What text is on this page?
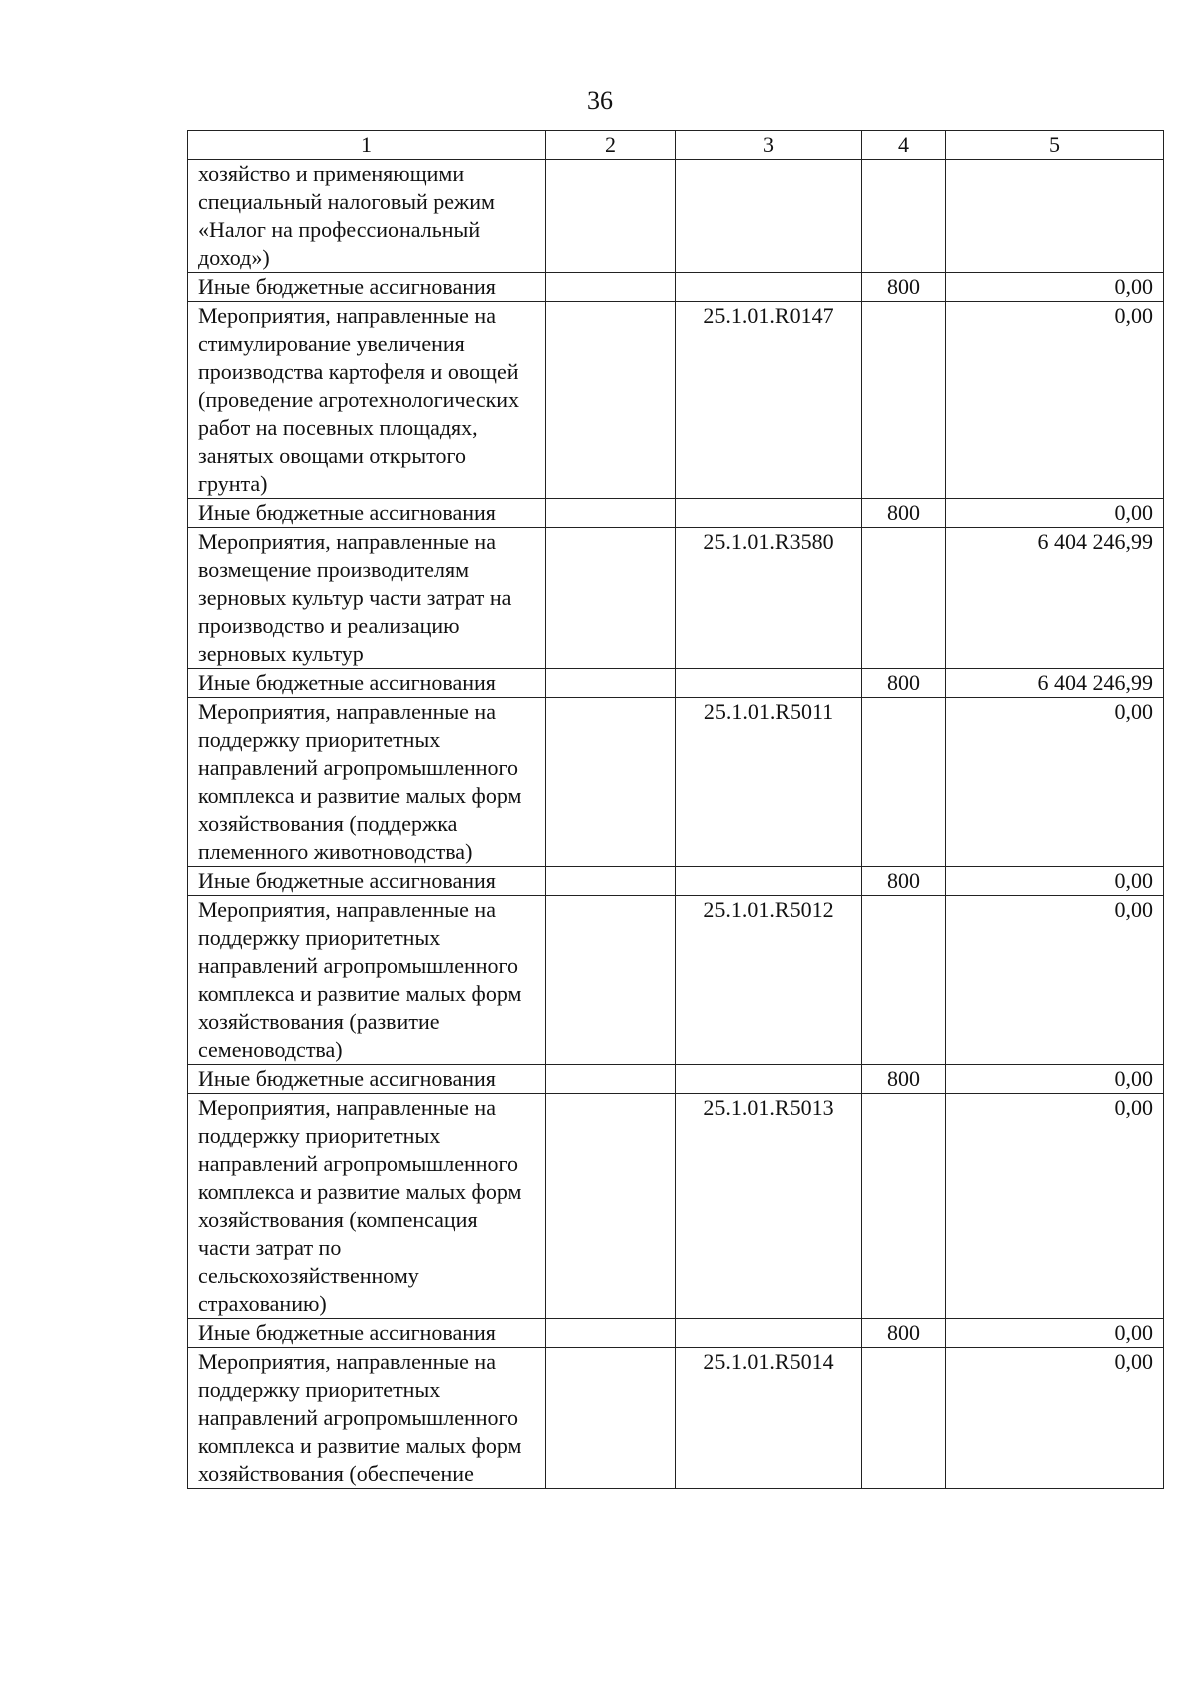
36
1	2	3	4	5
хозяйство и применяющими специальный налоговый режим «Налог на профессиональный доход»)				
Иные бюджетные ассигнования			800	0,00
Мероприятия, направленные на стимулирование увеличения производства картофеля и овощей (проведение агротехнологических работ на посевных площадях, занятых овощами открытого грунта)		25.1.01.R0147		0,00
Иные бюджетные ассигнования			800	0,00
Мероприятия, направленные на возмещение производителям зерновых культур части затрат на производство и реализацию зерновых культур		25.1.01.R3580		6 404 246,99
Иные бюджетные ассигнования			800	6 404 246,99
Мероприятия, направленные на поддержку приоритетных направлений агропромышленного комплекса и развитие малых форм хозяйствования (поддержка племенного животноводства)		25.1.01.R5011		0,00
Иные бюджетные ассигнования			800	0,00
Мероприятия, направленные на поддержку приоритетных направлений агропромышленного комплекса и развитие малых форм хозяйствования (развитие семеноводства)		25.1.01.R5012		0,00
Иные бюджетные ассигнования			800	0,00
Мероприятия, направленные на поддержку приоритетных направлений агропромышленного комплекса и развитие малых форм хозяйствования (компенсация части затрат по сельскохозяйственному страхованию)		25.1.01.R5013		0,00
Иные бюджетные ассигнования			800	0,00
Мероприятия, направленные на поддержку приоритетных направлений агропромышленного комплекса и развитие малых форм хозяйствования (обеспечение		25.1.01.R5014		0,00
